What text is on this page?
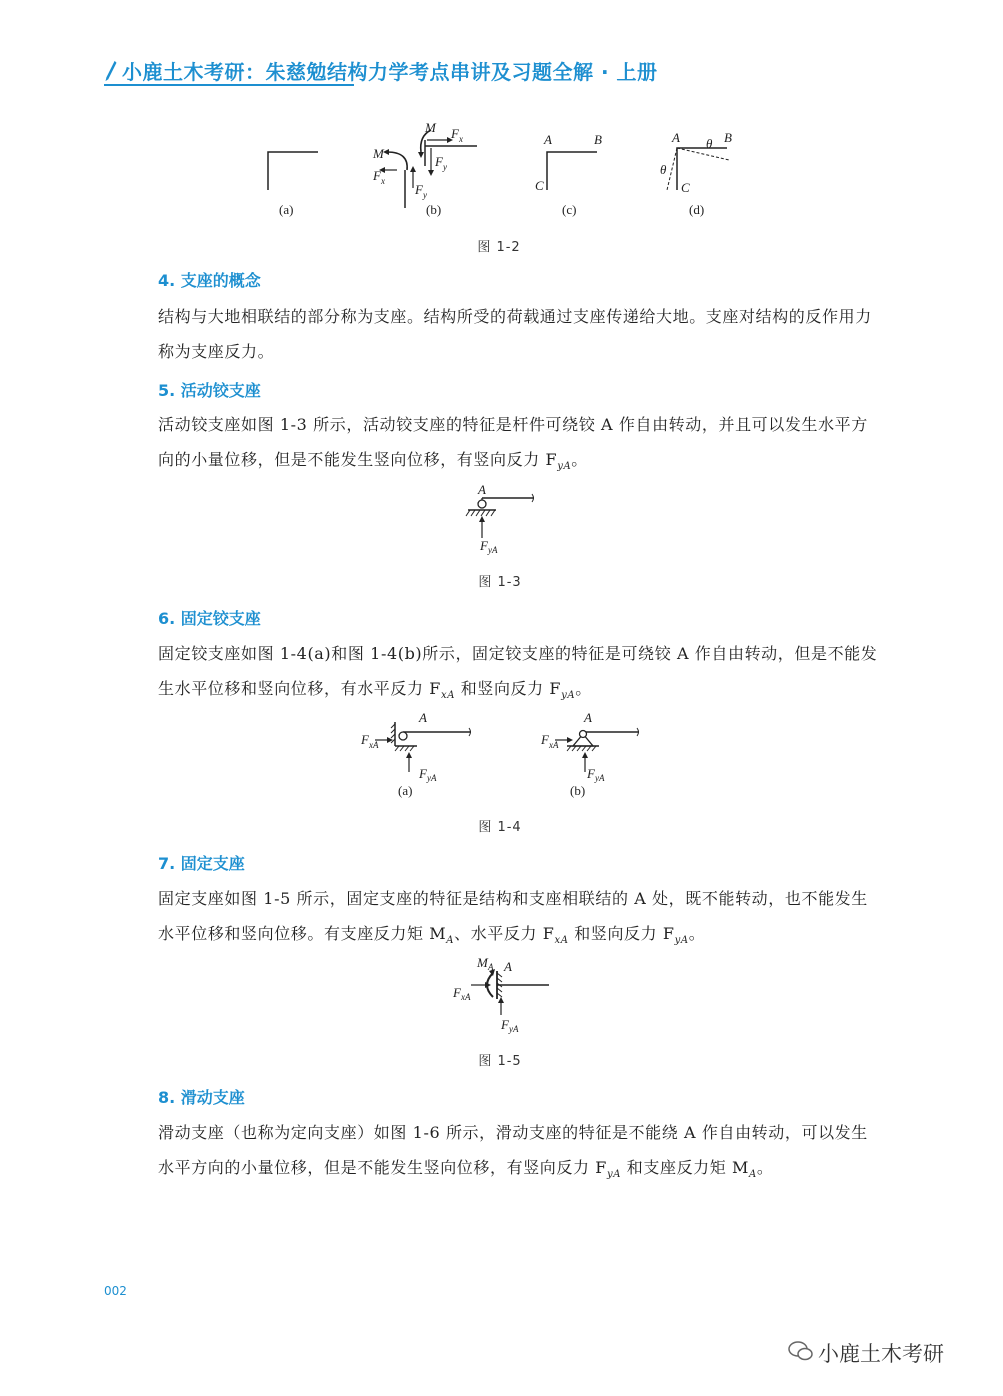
小鹿土木考研：朱慈勉结构力学考点串讲及习题全解 · 上册
(a)
M F x
F y
M
F x
F y
(b)
A	B
C
(c)
A	B
C
θ
θ
(d)
图 1-2
4. 支座的概念
结构与大地相联结的部分称为支座。结构所受的荷载通过支座传递给大地。支座对结构的反作用力称为支座反力。
5. 活动铰支座
活动铰支座如图 1-3 所示，活动铰支座的特征是杆件可绕铰 A 作自由转动，并且可以发生水平方向的小量位移，但是不能发生竖向位移，有竖向反力 $F_{yA}$。
A
F yA
图 1-3
6. 固定铰支座
固定铰支座如图 1-4(a)和图 1-4(b)所示，固定铰支座的特征是可绕铰 A 作自由转动，但是不能发生水平位移和竖向位移，有水平反力 $F_{xA}$ 和竖向反力 $F_{yA}$。
A
F xA
F yA
(a)
A
F xA
F yA
(b)
图 1-4
7. 固定支座
固定支座如图 1-5 所示，固定支座的特征是结构和支座相联结的 A 处，既不能转动，也不能发生水平位移和竖向位移。有支座反力矩 $M_A$、水平反力 $F_{xA}$ 和竖向反力 $F_{yA}$。
M A A
F xA
F yA
图 1-5
8. 滑动支座
滑动支座（也称为定向支座）如图 1-6 所示，滑动支座的特征是不能绕 A 作自由转动，可以发生水平方向的小量位移，但是不能发生竖向位移，有竖向反力 $F_{yA}$ 和支座反力矩 $M_A$。
002
小鹿土木考研
